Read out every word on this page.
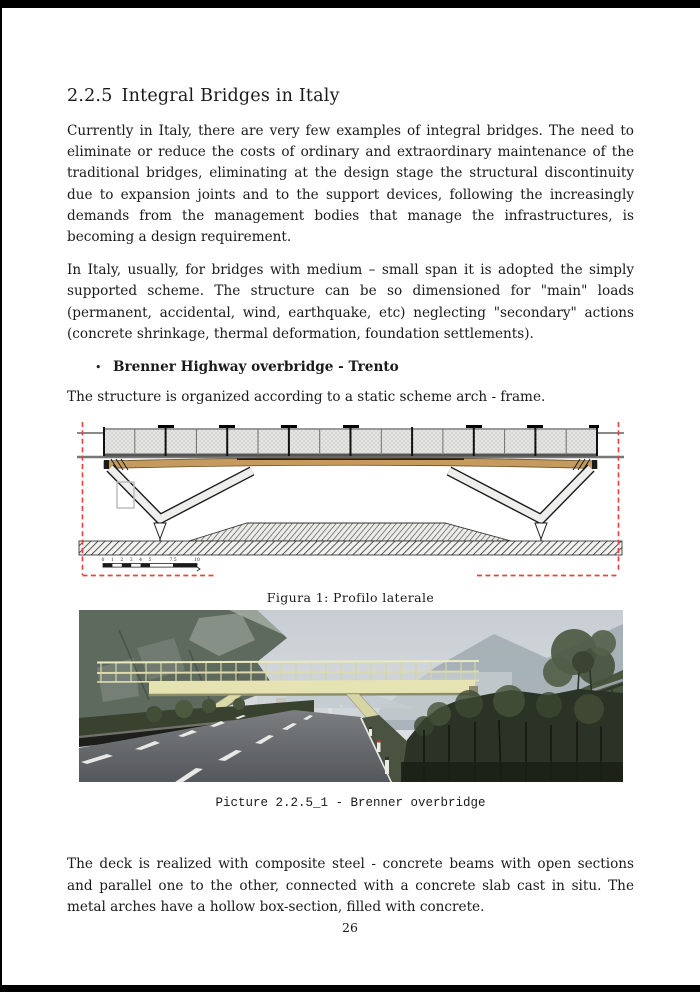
2.2.5 Integral Bridges in Italy

Currently in Italy, there are very few examples of integral bridges. The need to eliminate or reduce the costs of ordinary and extraordinary maintenance of the traditional bridges, eliminating at the design stage the structural discontinuity due to expansion joints and to the support devices, following the increasingly demands from the management bodies that manage the infrastructures, is becoming a design requirement.

In Italy, usually, for bridges with medium – small span it is adopted the simply supported scheme. The structure can be so dimensioned for "main" loads (permanent, accidental, wind, earthquake, etc) neglecting "secondary" actions (concrete shrinkage, thermal deformation, foundation settlements).

• Brenner Highway overbridge - Trento

The structure is organized according to a static scheme arch - frame.

0 1 2 3 4 5	7.5	10
Figura 1: Profilo laterale
Picture 2.2.5_1 - Brenner overbridge

The deck is realized with composite steel - concrete beams with open sections and parallel one to the other, connected with a concrete slab cast in situ. The metal arches have a hollow box-section, filled with concrete.

26
